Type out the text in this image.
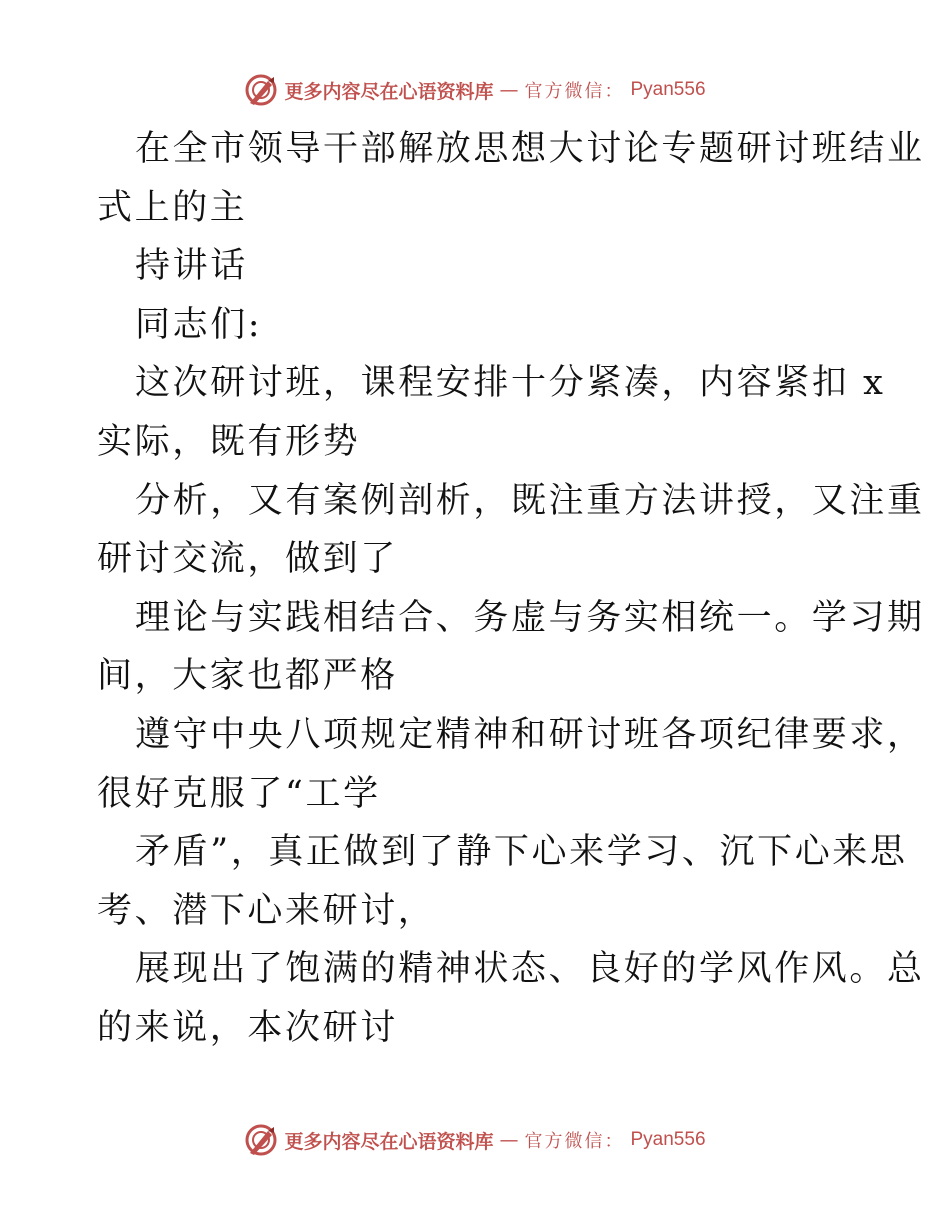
更多内容尽在心语资料库 — 官方微信： Pyan556
在全市领导干部解放思想大讨论专题研讨班结业
式上的主
持讲话
同志们:
这次研讨班，课程安排十分紧凑，内容紧扣 x
实际，既有形势
分析，又有案例剖析，既注重方法讲授，又注重
研讨交流，做到了
理论与实践相结合、务虚与务实相统一。学习期
间，大家也都严格
遵守中央八项规定精神和研讨班各项纪律要求，
很好克服了“工学
矛盾”，真正做到了静下心来学习、沉下心来思
考、潜下心来研讨，
展现出了饱满的精神状态、良好的学风作风。总
的来说，本次研讨
更多内容尽在心语资料库 — 官方微信： Pyan556
